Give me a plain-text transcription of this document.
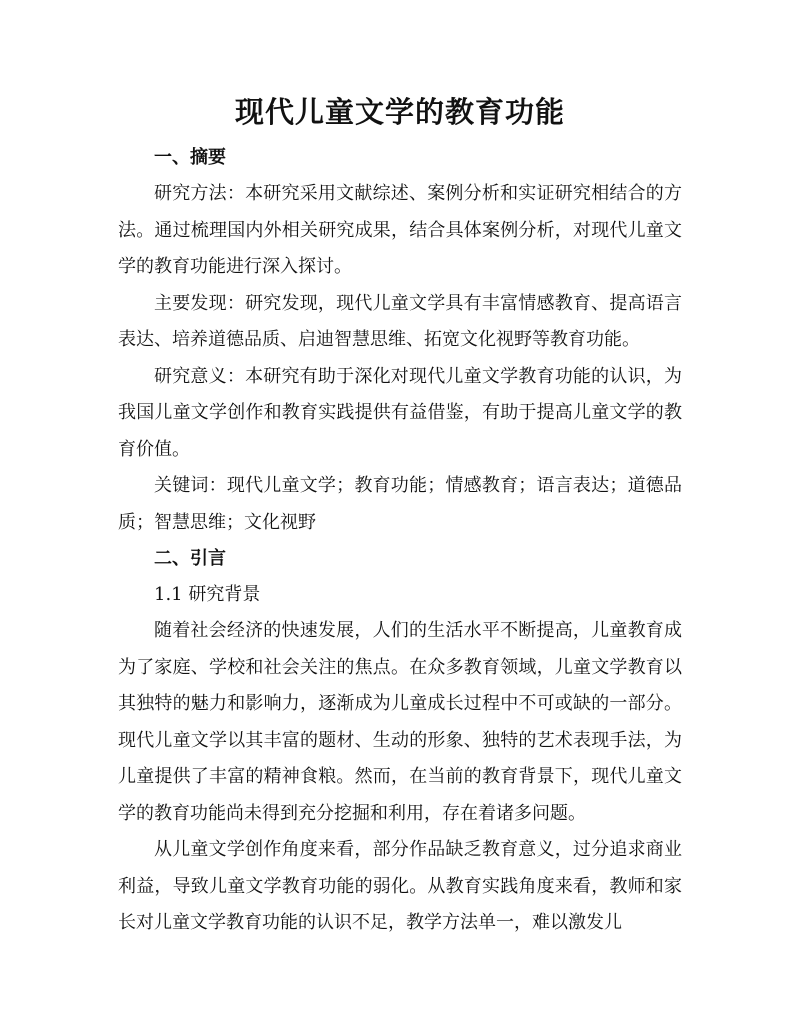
现代儿童文学的教育功能
一、摘要

研究方法：本研究采用文献综述、案例分析和实证研究相结合的方法。通过梳理国内外相关研究成果，结合具体案例分析，对现代儿童文学的教育功能进行深入探讨。

主要发现：研究发现，现代儿童文学具有丰富情感教育、提高语言表达、培养道德品质、启迪智慧思维、拓宽文化视野等教育功能。

研究意义：本研究有助于深化对现代儿童文学教育功能的认识，为我国儿童文学创作和教育实践提供有益借鉴，有助于提高儿童文学的教育价值。

关键词：现代儿童文学；教育功能；情感教育；语言表达；道德品质；智慧思维；文化视野

二、引言
1.1 研究背景

随着社会经济的快速发展，人们的生活水平不断提高，儿童教育成为了家庭、学校和社会关注的焦点。在众多教育领域，儿童文学教育以其独特的魅力和影响力，逐渐成为儿童成长过程中不可或缺的一部分。现代儿童文学以其丰富的题材、生动的形象、独特的艺术表现手法，为儿童提供了丰富的精神食粮。然而，在当前的教育背景下，现代儿童文学的教育功能尚未得到充分挖掘和利用，存在着诸多问题。

从儿童文学创作角度来看，部分作品缺乏教育意义，过分追求商业利益，导致儿童文学教育功能的弱化。从教育实践角度来看，教师和家长对儿童文学教育功能的认识不足，教学方法单一，难以激发儿
